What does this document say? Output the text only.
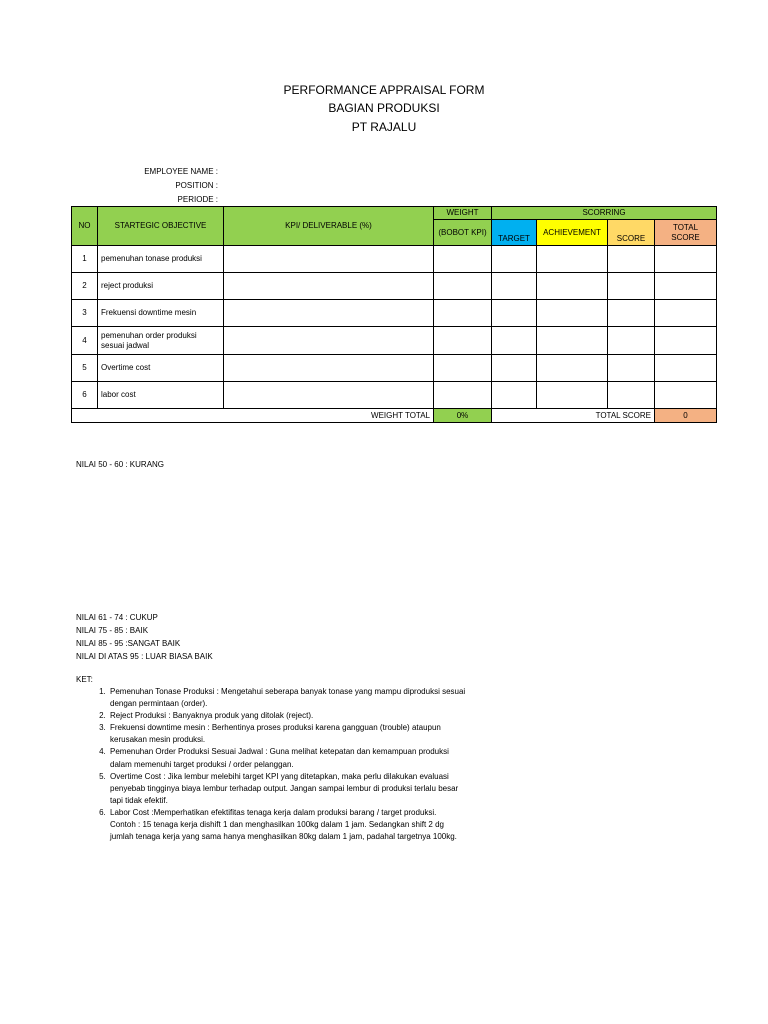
PERFORMANCE APPRAISAL FORM
BAGIAN PRODUKSI
PT RAJALU
EMPLOYEE NAME :
POSITION :
PERIODE :
NO	STARTEGIC OBJECTIVE	KPI/ DELIVERABLE (%)	WEIGHT	SCORRING			
			(BOBOT KPI)	TARGET	ACHIEVEMENT	SCORE	TOTAL SCORE

1	pemenuhan tonase produksi						
2	reject produksi						
3	Frekuensi downtime mesin						
4	pemenuhan order produksi sesuai jadwal						
5	Overtime cost						
6	labor cost						
WEIGHT TOTAL			0%	TOTAL SCORE			0
NILAI 50 - 60 : KURANG
NILAI 61 - 74 : CUKUP
NILAI 75 - 85 : BAIK
NILAI 85 - 95 :SANGAT BAIK
NILAI DI ATAS 95 : LUAR BIASA BAIK
KET:
1. Pemenuhan Tonase Produksi : Mengetahui seberapa banyak tonase yang mampu diproduksi sesuai dengan permintaan (order).
2. Reject Produksi : Banyaknya produk yang ditolak (reject).
3. Frekuensi downtime mesin : Berhentinya proses produksi karena gangguan (trouble) ataupun kerusakan mesin produksi.
4. Pemenuhan Order Produksi Sesuai Jadwal : Guna melihat ketepatan dan kemampuan produksi dalam memenuhi target produksi / order pelanggan.
5. Overtime Cost : Jika lembur melebihi target KPI yang ditetapkan, maka perlu dilakukan evaluasi penyebab tingginya biaya lembur terhadap output. Jangan sampai lembur di produksi terlalu besar tapi tidak efektif.
6. Labor Cost :Memperhatikan efektifitas tenaga kerja dalam produksi barang / target produksi.
Contoh : 15 tenaga kerja dishift 1 dan menghasilkan 100kg dalam 1 jam. Sedangkan shift 2 dg jumlah tenaga kerja yang sama hanya menghasilkan 80kg dalam 1 jam, padahal targetnya 100kg.
